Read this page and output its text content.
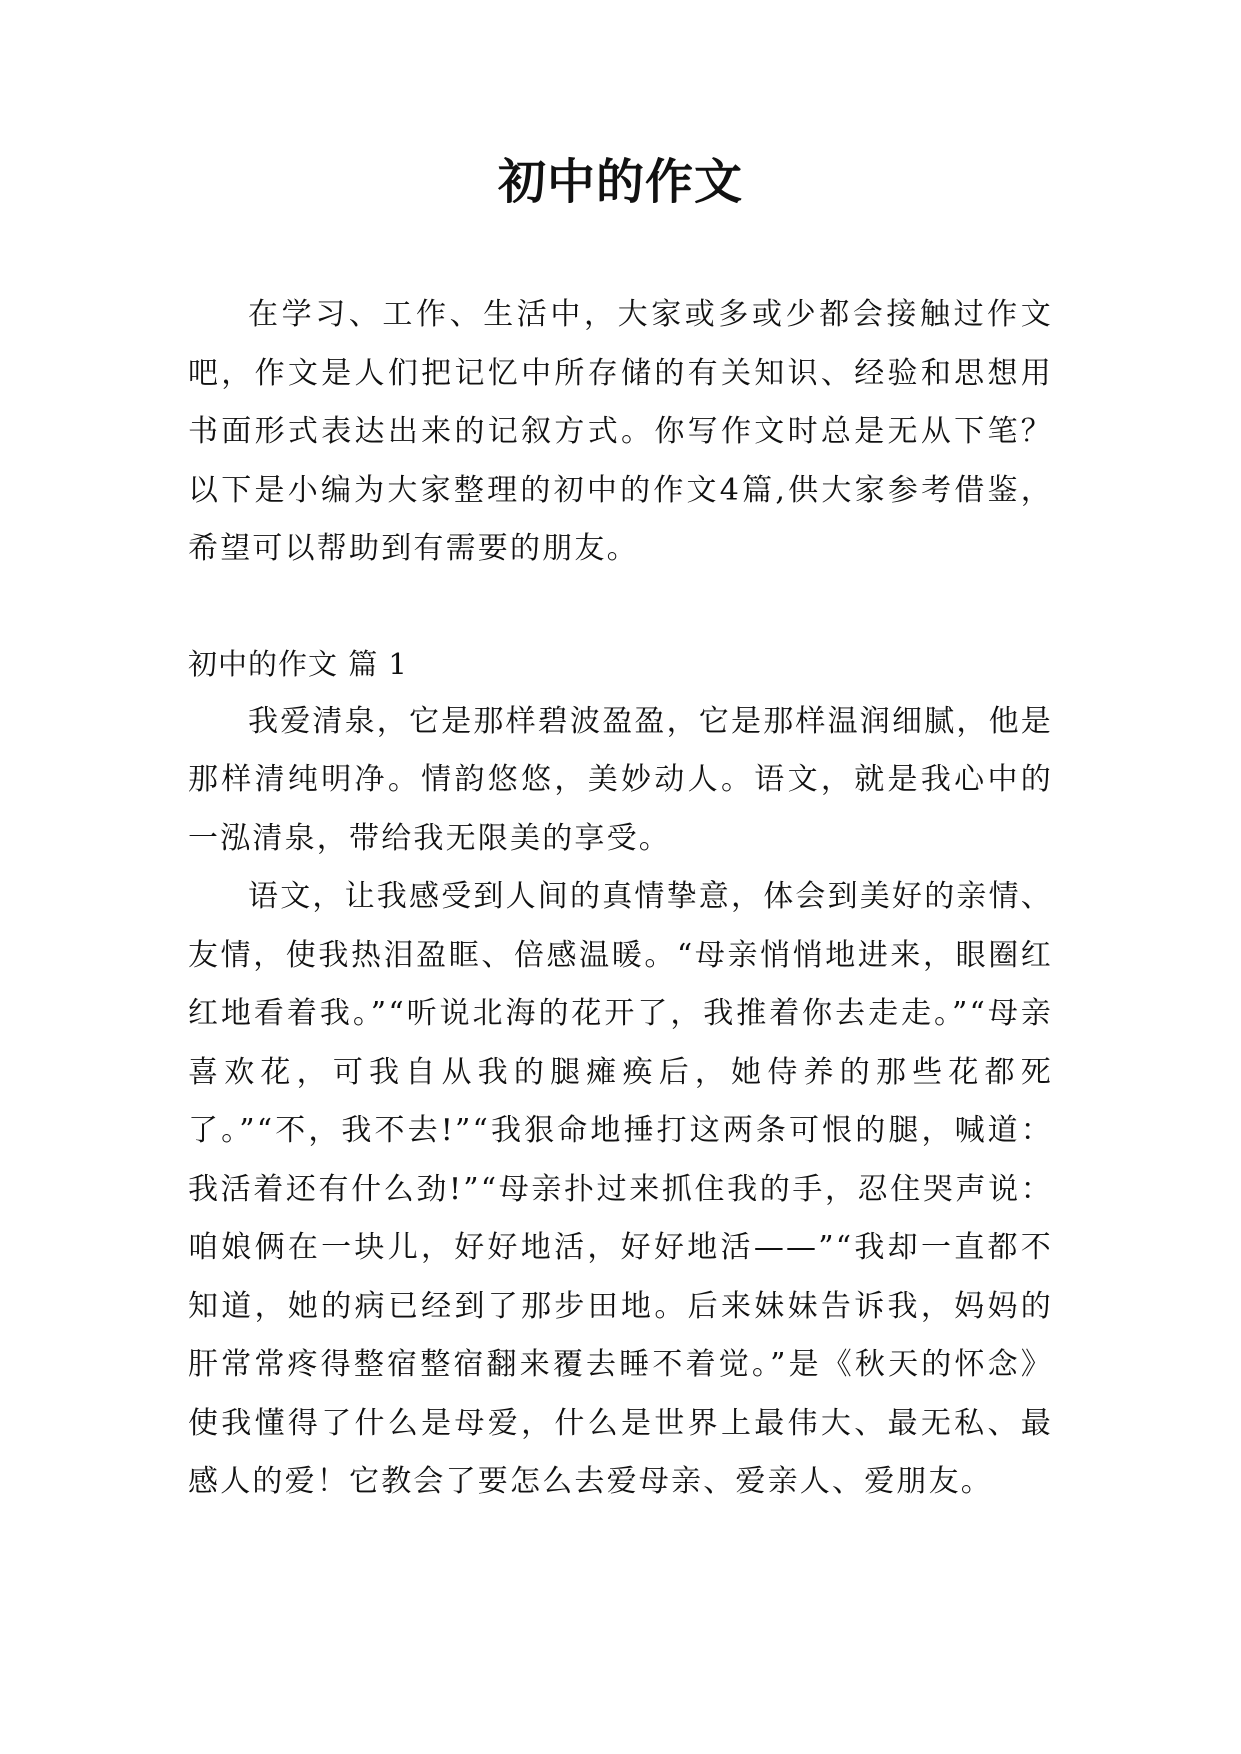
初中的作文

在学习、工作、生活中，大家或多或少都会接触过作文吧，作文是人们把记忆中所存储的有关知识、经验和思想用书面形式表达出来的记叙方式。你写作文时总是无从下笔？以下是小编为大家整理的初中的作文4篇,供大家参考借鉴，希望可以帮助到有需要的朋友。

初中的作文 篇 1

我爱清泉，它是那样碧波盈盈，它是那样温润细腻，他是那样清纯明净。情韵悠悠，美妙动人。语文，就是我心中的一泓清泉，带给我无限美的享受。

语文，让我感受到人间的真情挚意，体会到美好的亲情、友情，使我热泪盈眶、倍感温暖。“母亲悄悄地进来，眼圈红红地看着我。”“听说北海的花开了，我推着你去走走。”“母亲喜欢花，可我自从我的腿瘫痪后，她侍养的那些花都死了。”“不，我不去!”“我狠命地捶打这两条可恨的腿，喊道：我活着还有什么劲!”“母亲扑过来抓住我的手，忍住哭声说：咱娘俩在一块儿，好好地活，好好地活——”“我却一直都不知道，她的病已经到了那步田地。后来妹妹告诉我，妈妈的肝常常疼得整宿整宿翻来覆去睡不着觉。”是《秋天的怀念》使我懂得了什么是母爱，什么是世界上最伟大、最无私、最感人的爱！它教会了要怎么去爱母亲、爱亲人、爱朋友。
